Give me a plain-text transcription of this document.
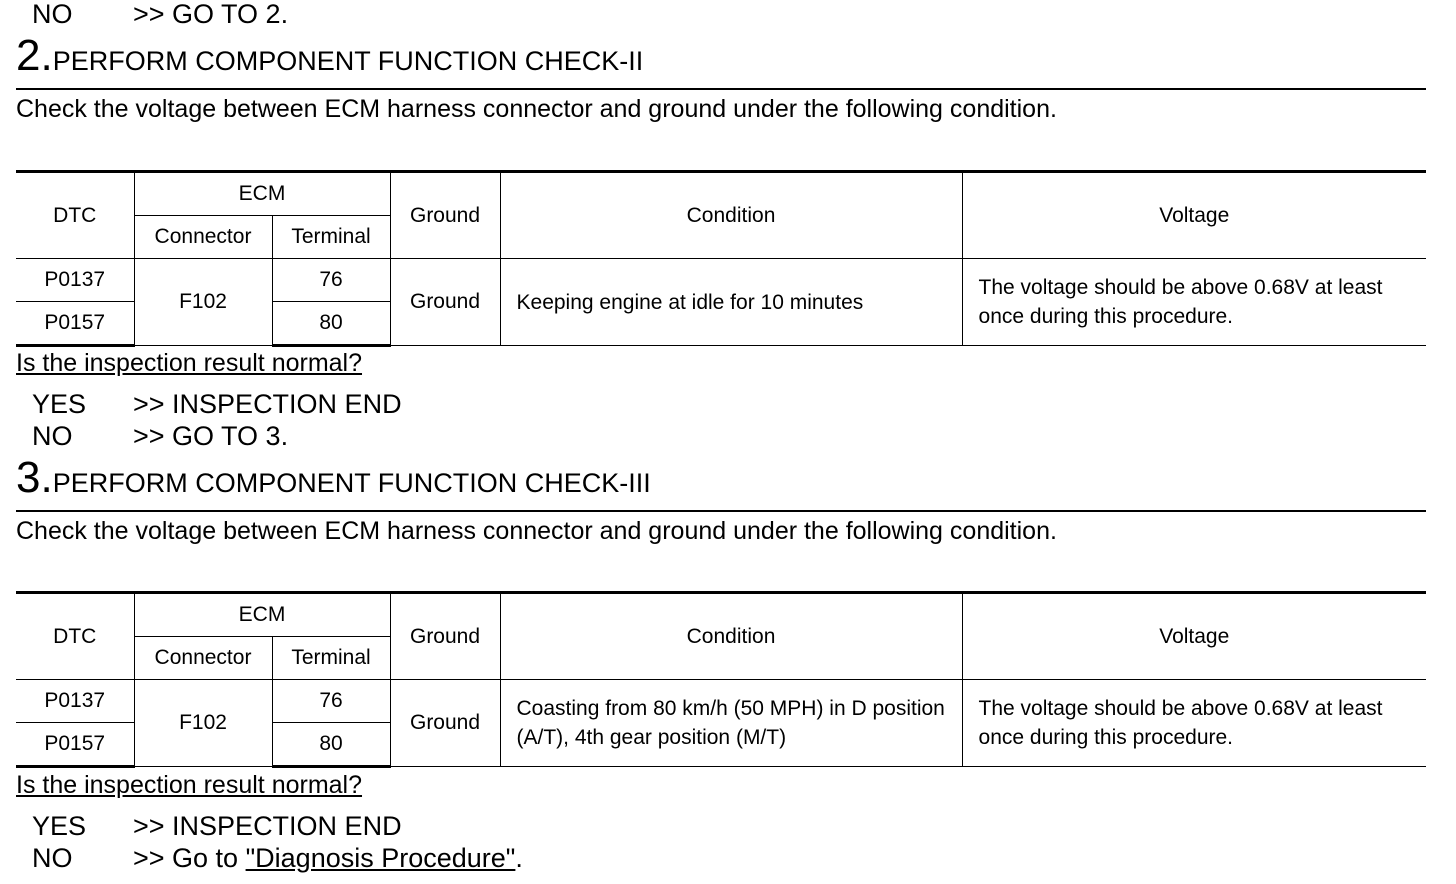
NO >> GO TO 2.
2.PERFORM COMPONENT FUNCTION CHECK-II
Check the voltage between ECM harness connector and ground under the following condition.
DTC	ECM		Ground	Condition	Voltage
	Connector	Terminal			
P0137	F102	76	Ground	Keeping engine at idle for 10 minutes	The voltage should be above 0.68V at least once during this procedure.
P0157		80			
Is the inspection result normal?
YES >> INSPECTION END
NO >> GO TO 3.
3.PERFORM COMPONENT FUNCTION CHECK-III
Check the voltage between ECM harness connector and ground under the following condition.
DTC	ECM		Ground	Condition	Voltage
	Connector	Terminal			
P0137	F102	76	Ground	Coasting from 80 km/h (50 MPH) in D position (A/T), 4th gear position (M/T)	The voltage should be above 0.68V at least once during this procedure.
P0157		80			
Is the inspection result normal?
YES >> INSPECTION END
NO >> Go to "Diagnosis Procedure".
